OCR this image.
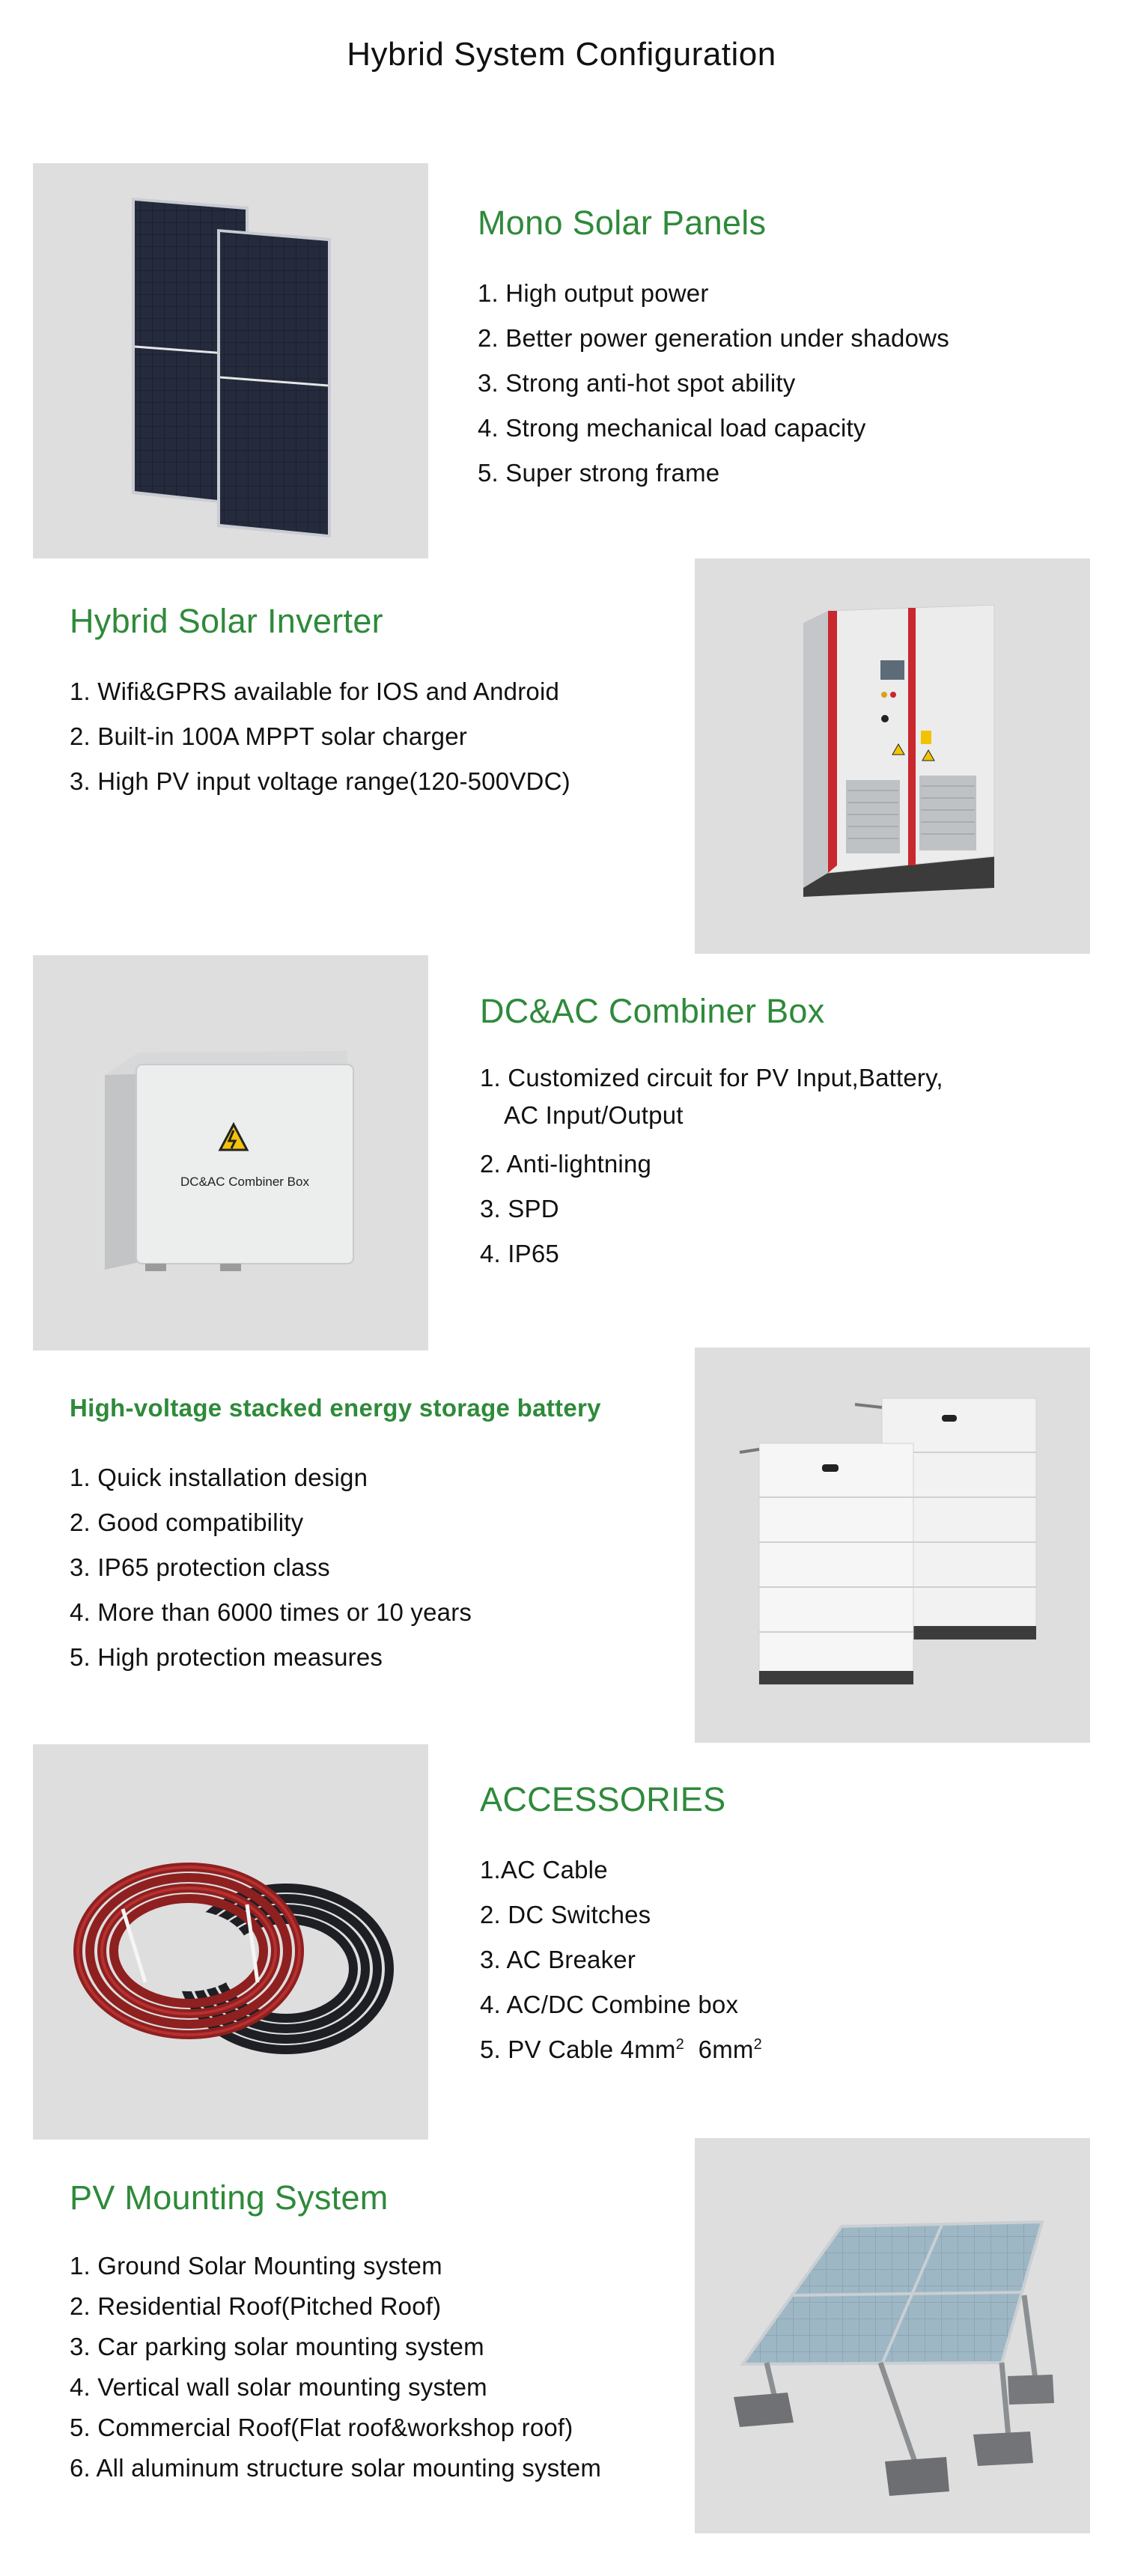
Hybrid System Configuration
Mono Solar Panels
1. High output power
2. Better power generation under shadows
3. Strong anti-hot spot ability
4. Strong mechanical load capacity
5. Super strong frame
Hybrid Solar Inverter
1. Wifi&GPRS available for IOS and Android
2. Built-in 100A MPPT solar charger
3. High PV input voltage range(120-500VDC)
DC&AC Combiner Box
DC&AC Combiner Box
1. Customized circuit for PV Input,Battery,
AC Input/Output
2. Anti-lightning
3. SPD
4. IP65
High-voltage stacked energy storage battery
1. Quick installation design
2. Good compatibility
3. IP65 protection class
4. More than 6000 times or 10 years
5. High protection measures
ACCESSORIES
1.AC Cable
2. DC Switches
3. AC Breaker
4. AC/DC Combine box
5. PV Cable $4mm^2$  $6mm^2$
PV Mounting System
1. Ground Solar Mounting system
2. Residential Roof(Pitched Roof)
3. Car parking solar mounting system
4. Vertical wall solar mounting system
5. Commercial Roof(Flat roof&workshop roof)
6. All aluminum structure solar mounting system
